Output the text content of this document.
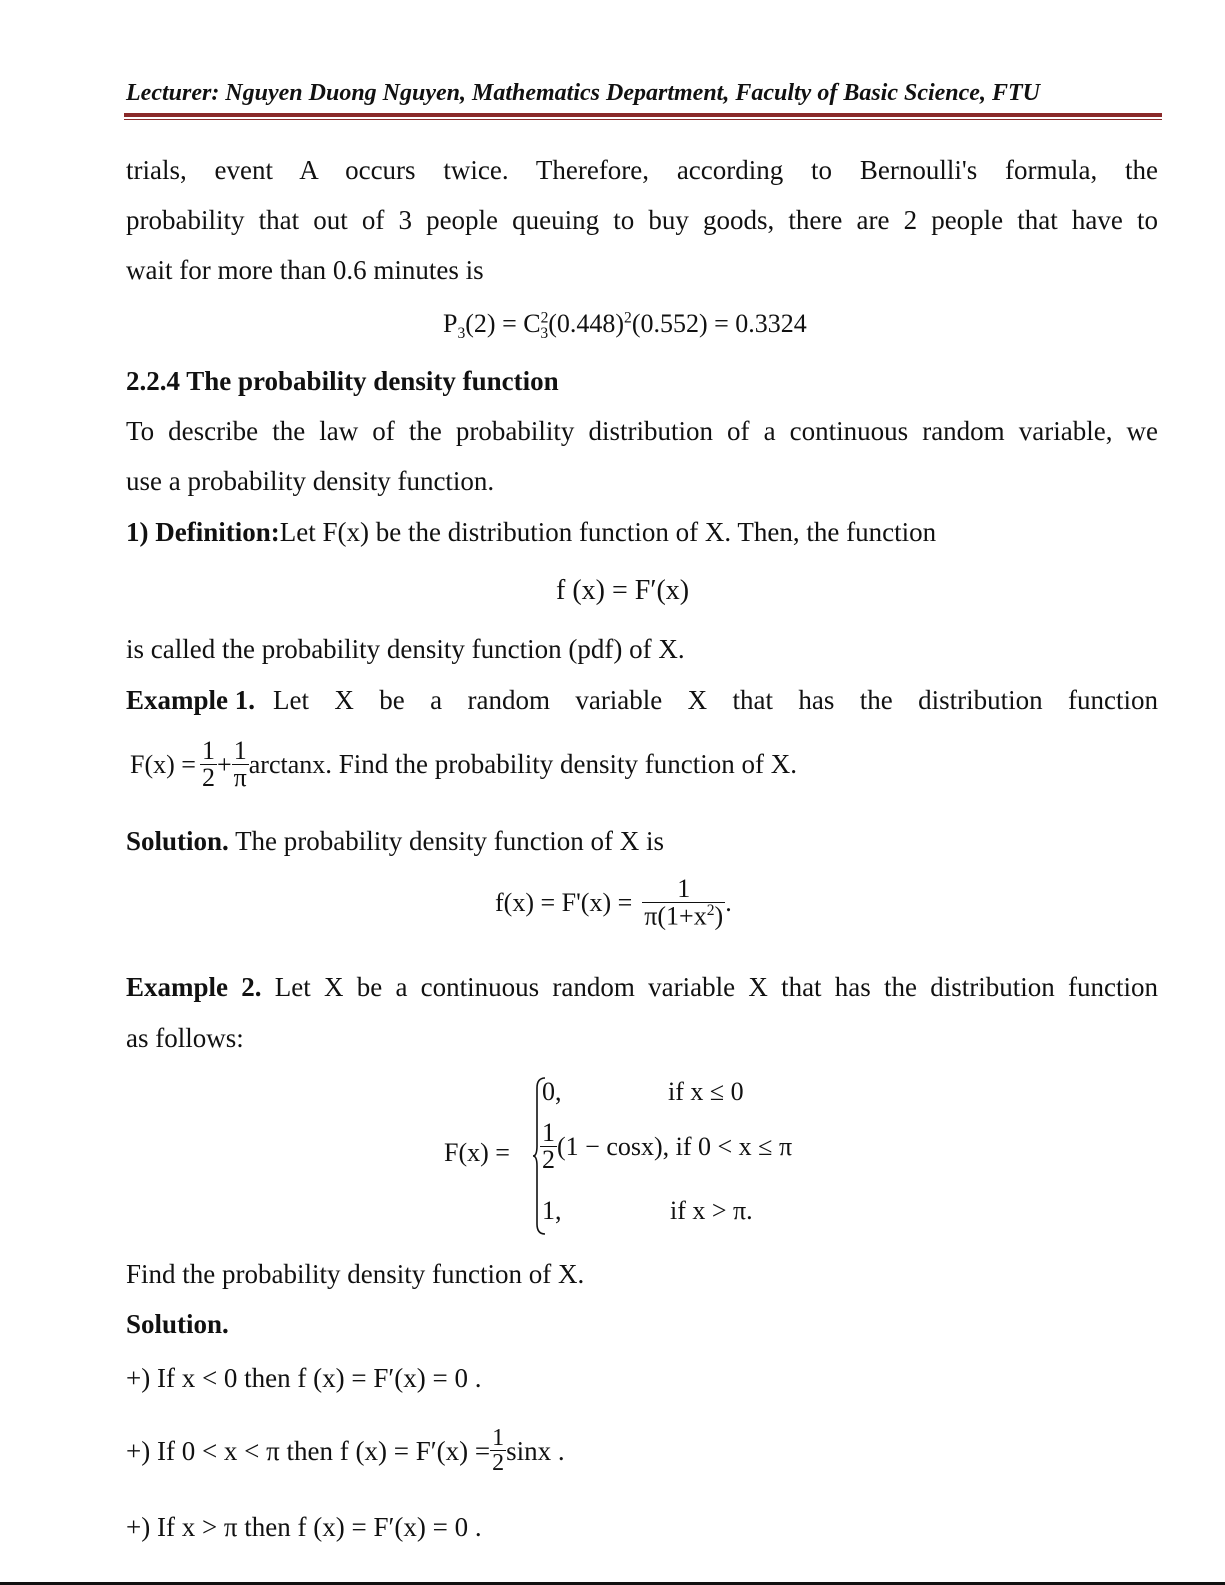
Lecturer: Nguyen Duong Nguyen, Mathematics Department, Faculty of Basic Science, FTU
trials, event A occurs twice. Therefore, according to Bernoulli's formula, the
probability that out of 3 people queuing to buy goods, there are 2 people that have to
wait for more than 0.6 minutes is
$P_3(2) = C^2_3(0.448)^2(0.552) = 0.3324$
2.2.4 The probability density function
To describe the law of the probability distribution of a continuous random variable, we
use a probability density function.
1) Definition:Let F(x) be the distribution function of X. Then, the function
f (x) = F′(x)
is called the probability density function (pdf) of X.
Example 1. Let X be a random variable X that has the distribution function
$F(x) = \frac{1}{2} + \frac{1}{\pi}$ arctanx . Find the probability density function of X.
Solution. The probability density function of X is
$f(x) = F'(x) = \frac{1}{\pi(1+x^2)}$ .
Example 2. Let X be a continuous random variable X that has the distribution function
as follows:
F(x) =
0,	if x ≤ 0
$\frac{1}{2} (1 - \cos x)$, if 0 < x ≤ π
1,	if x > π.
Find the probability density function of X.
Solution.
+) If x < 0 then f (x) = F′(x) = 0 .
+) If 0 < x < π then f $(x) = F'(x) = \frac{1}{2}$ sinx .
+) If x > π then f (x) = F′(x) = 0 .
